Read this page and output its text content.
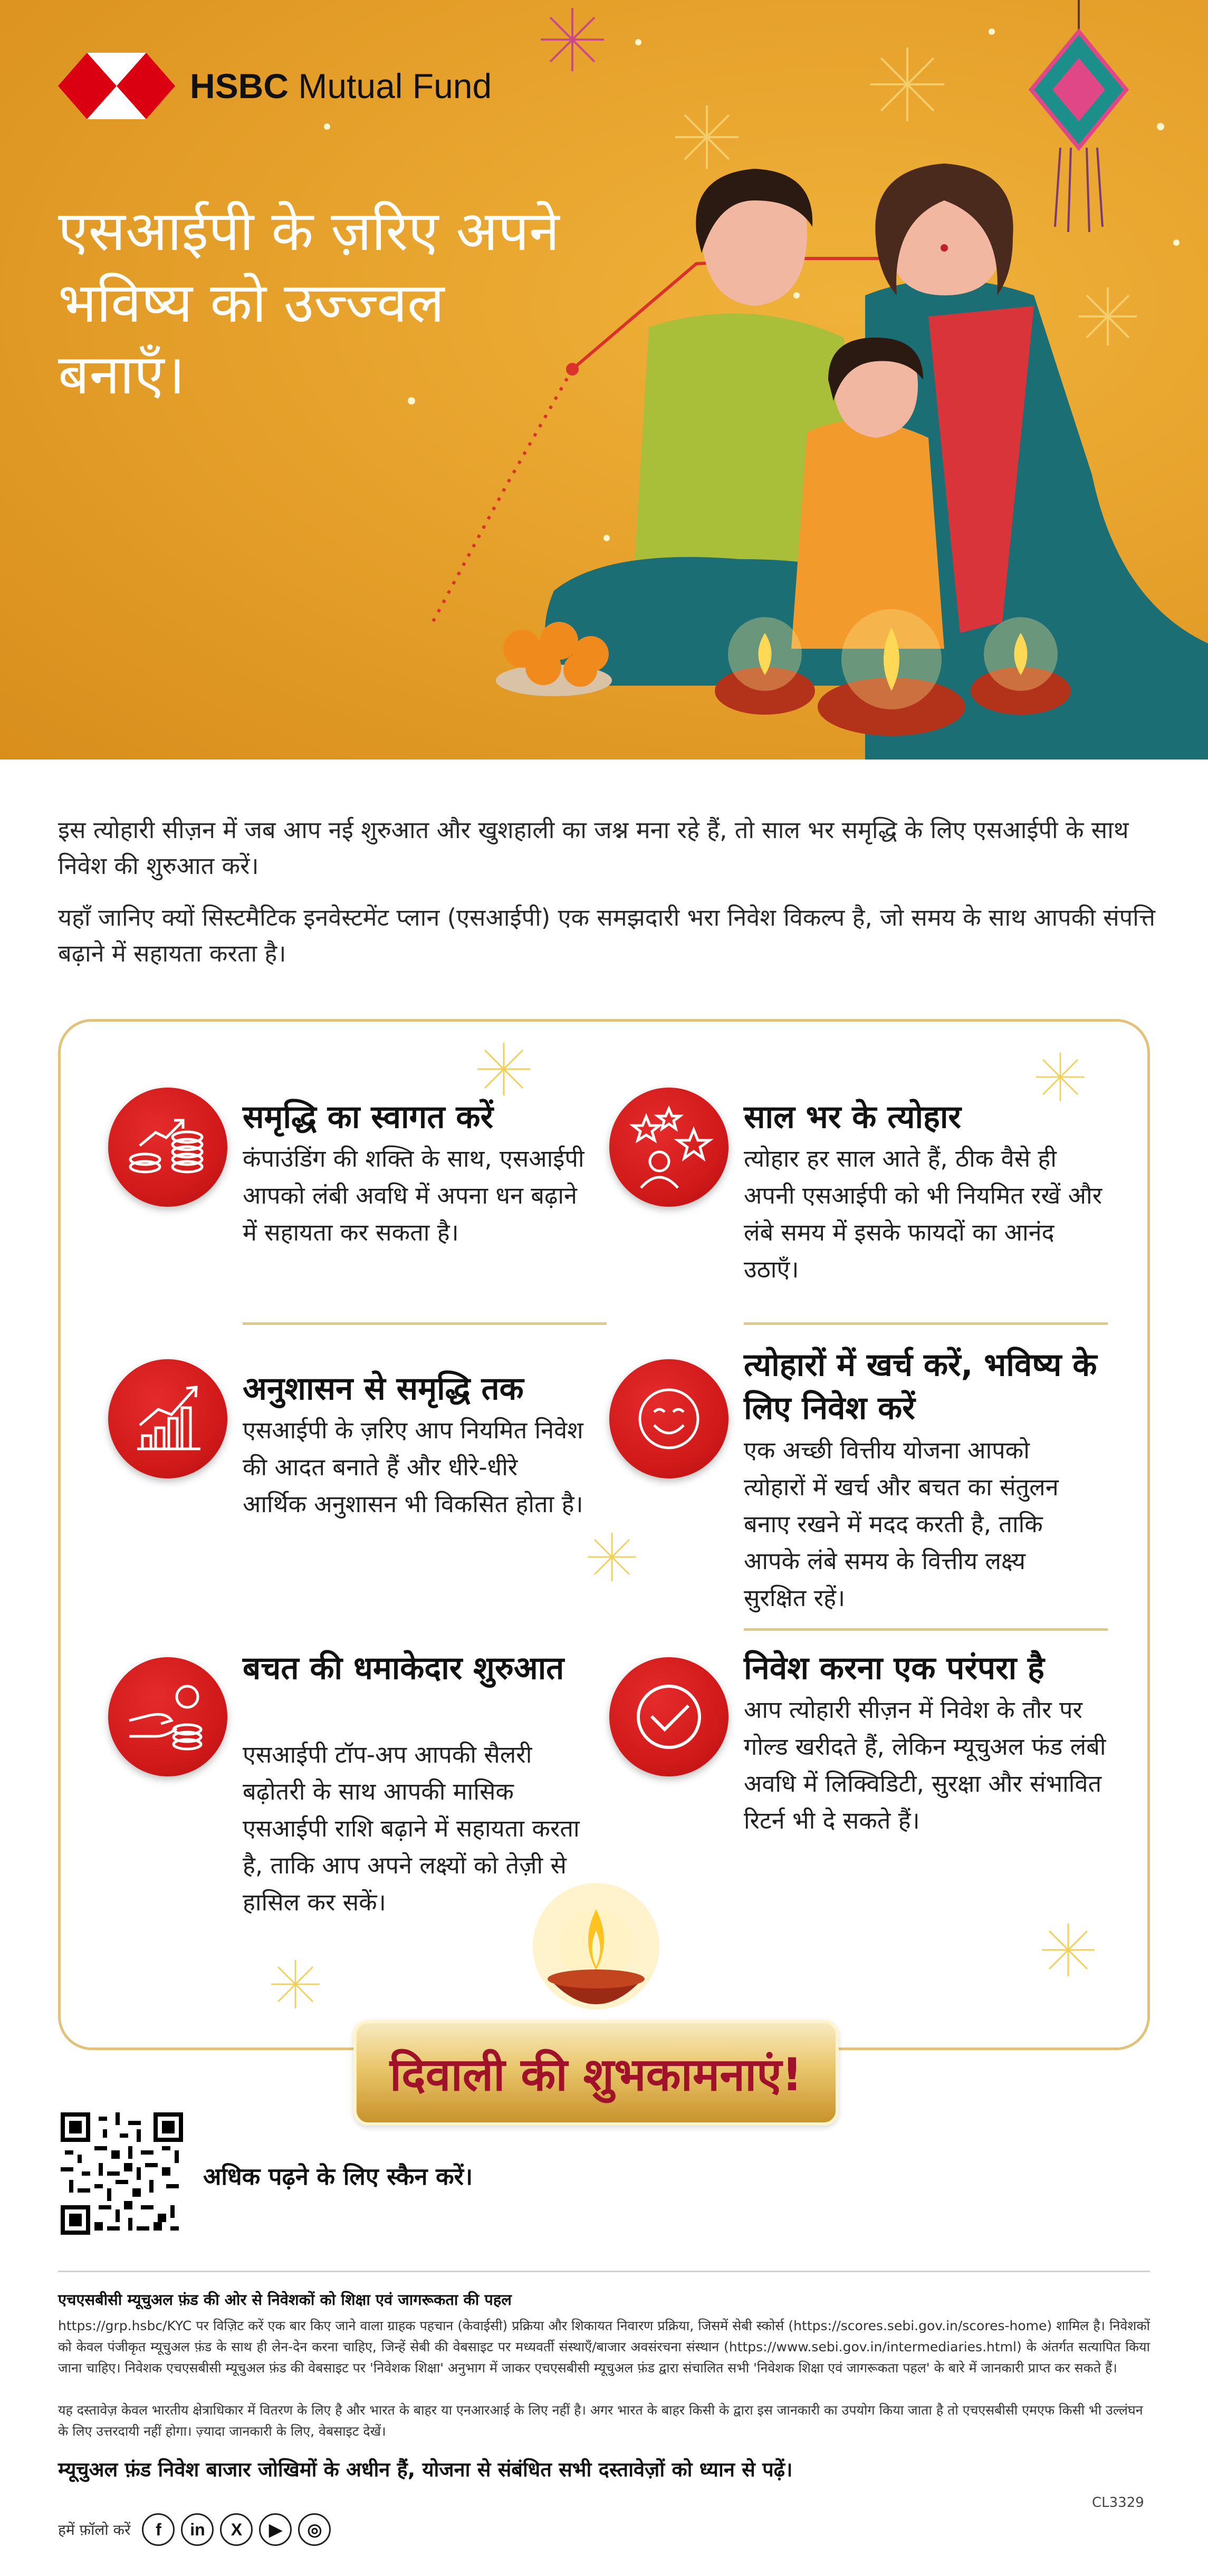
HSBC Mutual Fund
एसआईपी के ज़रिए अपने भविष्य को उज्ज्वल बनाएँ।

इस त्योहारी सीज़न में जब आप नई शुरुआत और खुशहाली का जश्न मना रहे हैं, तो साल भर समृद्धि के लिए एसआईपी के साथ निवेश की शुरुआत करें।

यहाँ जानिए क्यों सिस्टमैटिक इनवेस्टमेंट प्लान (एसआईपी) एक समझदारी भरा निवेश विकल्प है, जो समय के साथ आपकी संपत्ति बढ़ाने में सहायता करता है।

समृद्धि का स्वागत करें

कंपाउंडिंग की शक्ति के साथ, एसआईपी आपको लंबी अवधि में अपना धन बढ़ाने में सहायता कर सकता है।

साल भर के त्योहार

त्योहार हर साल आते हैं, ठीक वैसे ही अपनी एसआईपी को भी नियमित रखें और लंबे समय में इसके फायदों का आनंद उठाएँ।

अनुशासन से समृद्धि तक

एसआईपी के ज़रिए आप नियमित निवेश की आदत बनाते हैं और धीरे-धीरे आर्थिक अनुशासन भी विकसित होता है।

त्योहारों में खर्च करें, भविष्य के लिए निवेश करें

एक अच्छी वित्तीय योजना आपको त्योहारों में खर्च और बचत का संतुलन बनाए रखने में मदद करती है, ताकि आपके लंबे समय के वित्तीय लक्ष्य सुरक्षित रहें।

बचत की धमाकेदार शुरुआत

एसआईपी टॉप-अप आपकी सैलरी बढ़ोतरी के साथ आपकी मासिक एसआईपी राशि बढ़ाने में सहायता करता है, ताकि आप अपने लक्ष्यों को तेज़ी से हासिल कर सकें।

निवेश करना एक परंपरा है

आप त्योहारी सीज़न में निवेश के तौर पर गोल्ड खरीदते हैं, लेकिन म्यूचुअल फंड लंबी अवधि में लिक्विडिटी, सुरक्षा और संभावित रिटर्न भी दे सकते हैं।

दिवाली की शुभकामनाएं!
अधिक पढ़ने के लिए स्कैन करें।
एचएसबीसी म्यूचुअल फ़ंड की ओर से निवेशकों को शिक्षा एवं जागरूकता की पहल
https://grp.hsbc/KYC पर विज़िट करें एक बार किए जाने वाला ग्राहक पहचान (केवाईसी) प्रक्रिया और शिकायत निवारण प्रक्रिया, जिसमें सेबी स्कोर्स (https://scores.sebi.gov.in/scores-home) शामिल है। निवेशकों को केवल पंजीकृत म्यूचुअल फ़ंड के साथ ही लेन-देन करना चाहिए, जिन्हें सेबी की वेबसाइट पर मध्यवर्ती संस्थाएँ/बाजार अवसंरचना संस्थान (https://www.sebi.gov.in/intermediaries.html) के अंतर्गत सत्यापित किया जाना चाहिए। निवेशक एचएसबीसी म्यूचुअल फ़ंड की वेबसाइट पर 'निवेशक शिक्षा' अनुभाग में जाकर एचएसबीसी म्यूचुअल फ़ंड द्वारा संचालित सभी 'निवेशक शिक्षा एवं जागरूकता पहल' के बारे में जानकारी प्राप्त कर सकते हैं।
यह दस्तावेज़ केवल भारतीय क्षेत्राधिकार में वितरण के लिए है और भारत के बाहर या एनआरआई के लिए नहीं है। अगर भारत के बाहर किसी के द्वारा इस जानकारी का उपयोग किया जाता है तो एचएसबीसी एमएफ किसी भी उल्लंघन के लिए उत्तरदायी नहीं होगा। ज़्यादा जानकारी के लिए, वेबसाइट देखें।
म्यूचुअल फ़ंड निवेश बाजार जोखिमों के अधीन हैं, योजना से संबंधित सभी दस्तावेज़ों को ध्यान से पढ़ें।
CL3329
हमें फ़ॉलो करें	f	in	X	▶	◎
